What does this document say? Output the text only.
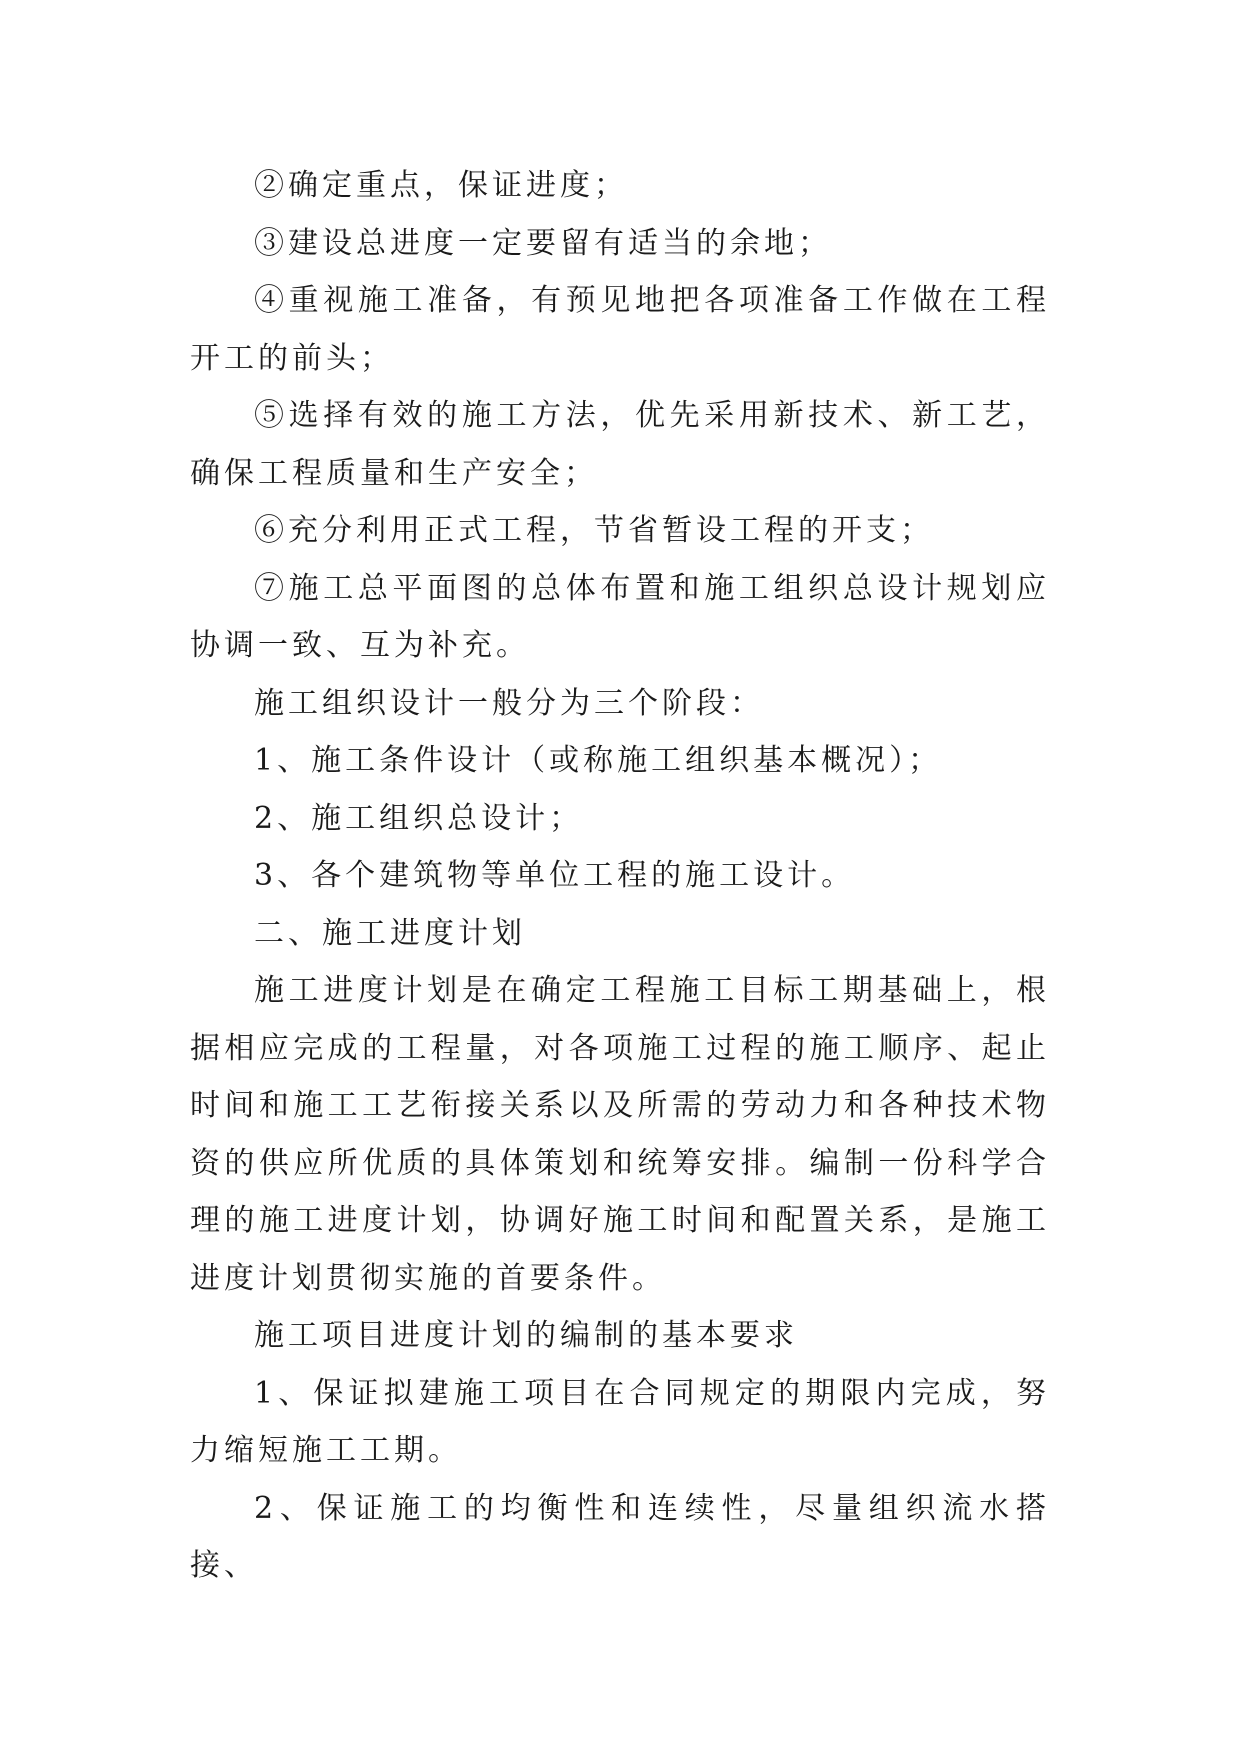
②确定重点，保证进度；

③建设总进度一定要留有适当的余地；

④重视施工准备，有预见地把各项准备工作做在工程开工的前头；

⑤选择有效的施工方法，优先采用新技术、新工艺，确保工程质量和生产安全；

⑥充分利用正式工程，节省暂设工程的开支；

⑦施工总平面图的总体布置和施工组织总设计规划应协调一致、互为补充。

施工组织设计一般分为三个阶段：

1、施工条件设计（或称施工组织基本概况）；

2、施工组织总设计；

3、各个建筑物等单位工程的施工设计。

二、施工进度计划

施工进度计划是在确定工程施工目标工期基础上，根据相应完成的工程量，对各项施工过程的施工顺序、起止时间和施工工艺衔接关系以及所需的劳动力和各种技术物资的供应所优质的具体策划和统筹安排。编制一份科学合理的施工进度计划，协调好施工时间和配置关系，是施工进度计划贯彻实施的首要条件。

施工项目进度计划的编制的基本要求

1、保证拟建施工项目在合同规定的期限内完成，努力缩短施工工期。

2、保证施工的均衡性和连续性，尽量组织流水搭接、
